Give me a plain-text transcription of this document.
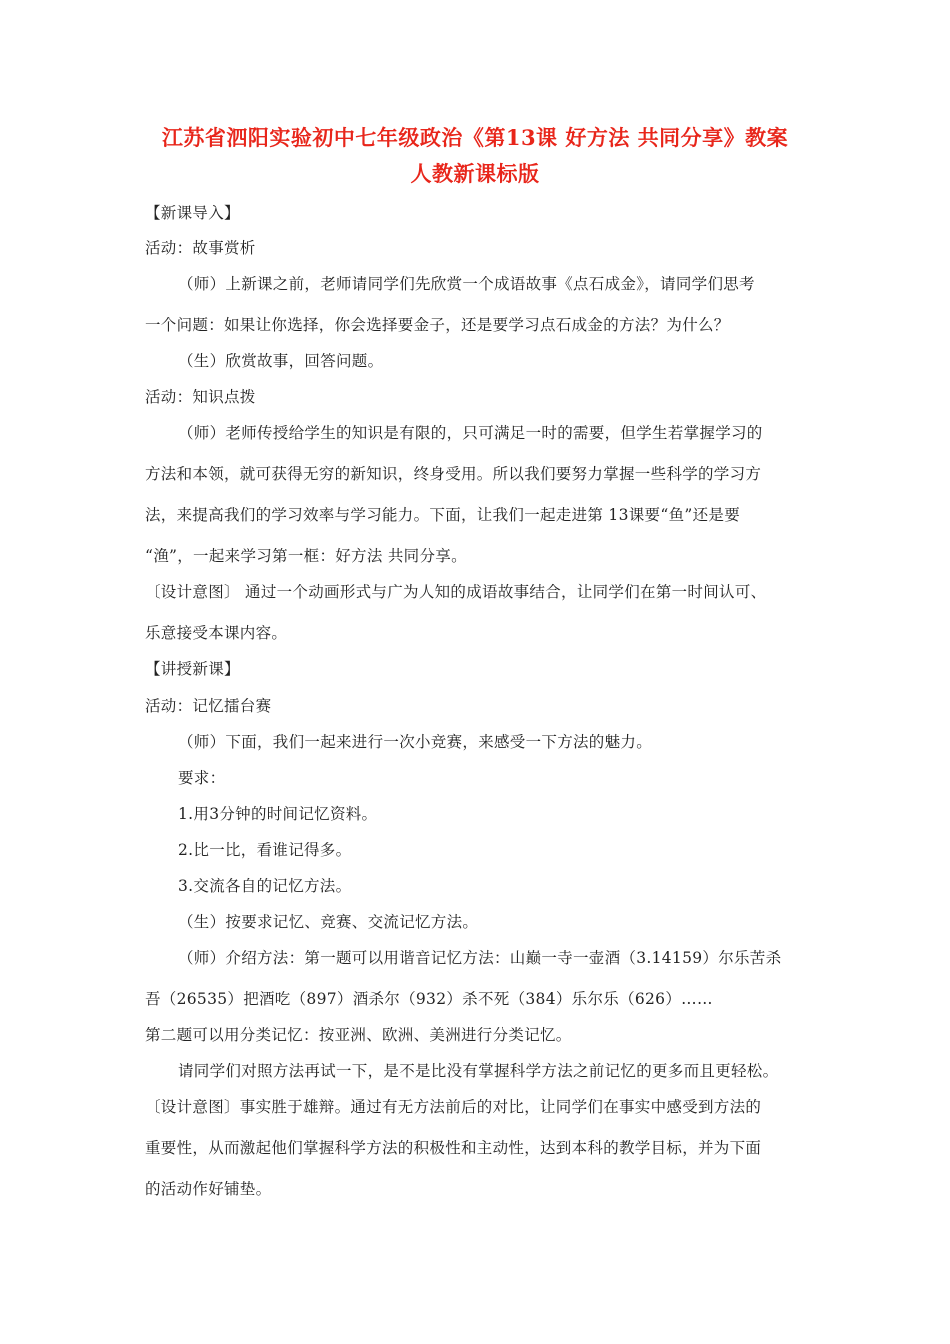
江苏省泗阳实验初中七年级政治《第13课 好方法 共同分享》教案
人教新课标版
【新课导入】
活动：故事赏析
（师）上新课之前，老师请同学们先欣赏一个成语故事《点石成金》，请同学们思考
一个问题：如果让你选择，你会选择要金子，还是要学习点石成金的方法？为什么？
（生）欣赏故事，回答问题。
活动：知识点拨
（师）老师传授给学生的知识是有限的，只可满足一时的需要，但学生若掌握学习的
方法和本领，就可获得无穷的新知识，终身受用。所以我们要努力掌握一些科学的学习方
法，来提高我们的学习效率与学习能力。下面，让我们一起走进第 13课要“鱼”还是要
“渔”，一起来学习第一框：好方法 共同分享。
〔设计意图〕 通过一个动画形式与广为人知的成语故事结合，让同学们在第一时间认可、
乐意接受本课内容。
【讲授新课】
活动：记忆擂台赛
（师）下面，我们一起来进行一次小竞赛，来感受一下方法的魅力。
要求：
1.用3分钟的时间记忆资料。
2.比一比，看谁记得多。
3.交流各自的记忆方法。
（生）按要求记忆、竞赛、交流记忆方法。
（师）介绍方法：第一题可以用谐音记忆方法：山巅一寺一壶酒（3.14159）尔乐苦杀
吾（26535）把酒吃（897）酒杀尔（932）杀不死（384）乐尔乐（626）……
第二题可以用分类记忆：按亚洲、欧洲、美洲进行分类记忆。
请同学们对照方法再试一下，是不是比没有掌握科学方法之前记忆的更多而且更轻松。
〔设计意图〕事实胜于雄辩。通过有无方法前后的对比，让同学们在事实中感受到方法的
重要性，从而激起他们掌握科学方法的积极性和主动性，达到本科的教学目标，并为下面
的活动作好铺垫。
